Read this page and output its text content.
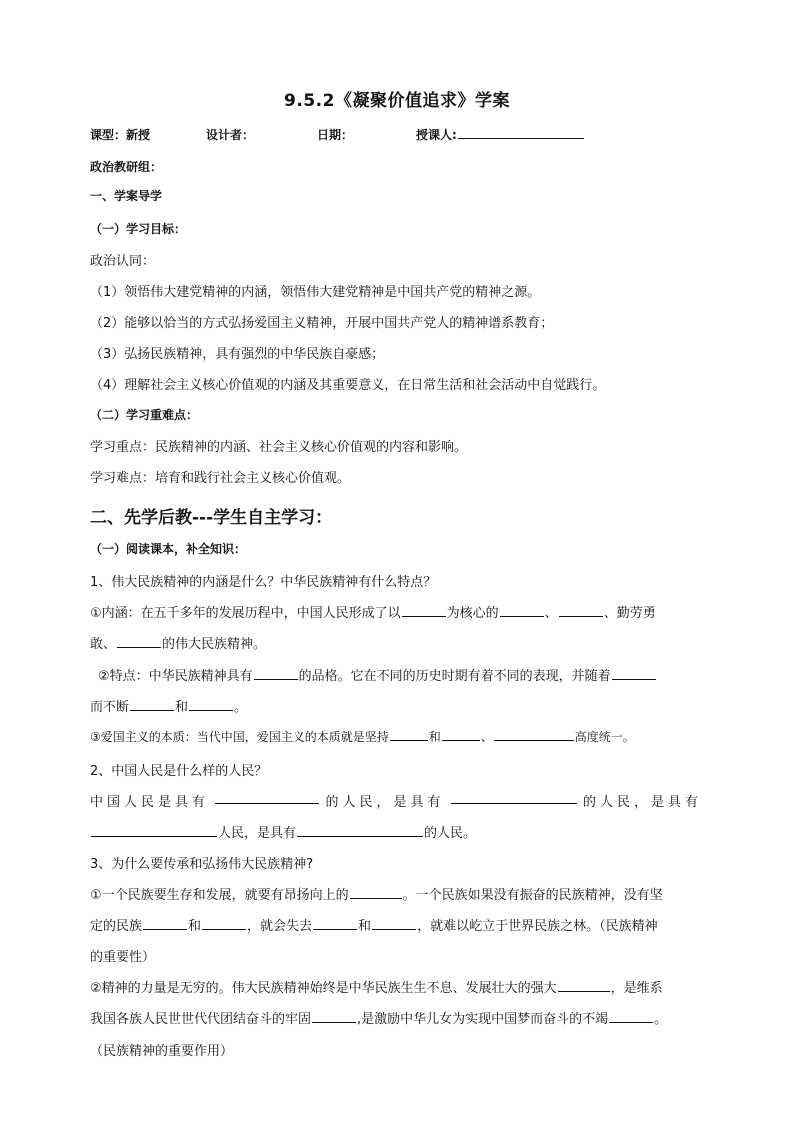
9.5.2《凝聚价值追求》学案
课型：新授	设计者：	日期：	授课人:
政治教研组：
一、学案导学
（一）学习目标：
政治认同：
（1）领悟伟大建党精神的内涵，领悟伟大建党精神是中国共产党的精神之源。
（2）能够以恰当的方式弘扬爱国主义精神，开展中国共产党人的精神谱系教育；
（3）弘扬民族精神，具有强烈的中华民族自豪感；
（4）理解社会主义核心价值观的内涵及其重要意义，在日常生活和社会活动中自觉践行。
（二）学习重难点：
学习重点：民族精神的内涵、社会主义核心价值观的内容和影响。
学习难点：培育和践行社会主义核心价值观。
二、先学后教---学生自主学习：
（一）阅读课本，补全知识：
1、伟大民族精神的内涵是什么？中华民族精神有什么特点？
①内涵：在五千多年的发展历程中，中国人民形成了以	为核心的	、	、勤劳勇
敢、	的伟大民族精神。
②特点：中华民族精神具有	的品格。它在不同的历史时期有着不同的表现，并随着
而不断	和	。
③爱国主义的本质：当代中国，爱国主义的本质就是坚持	和	、	高度统一。
2、中国人民是什么样的人民？
中国人民是具有	的人民，是具有	的人民，是具有
人民，是具有	的人民。
3、为什么要传承和弘扬伟大民族精神?
①一个民族要生存和发展，就要有昂扬向上的	。一个民族如果没有振奋的民族精神，没有坚
定的民族	和	，就会失去	和	，就难以屹立于世界民族之林。（民族精神
的重要性）
②精神的力量是无穷的。伟大民族精神始终是中华民族生生不息、发展壮大的强大	，是维系
我国各族人民世世代代团结奋斗的牢固	,是激励中华儿女为实现中国梦而奋斗的不竭	。
（民族精神的重要作用）
